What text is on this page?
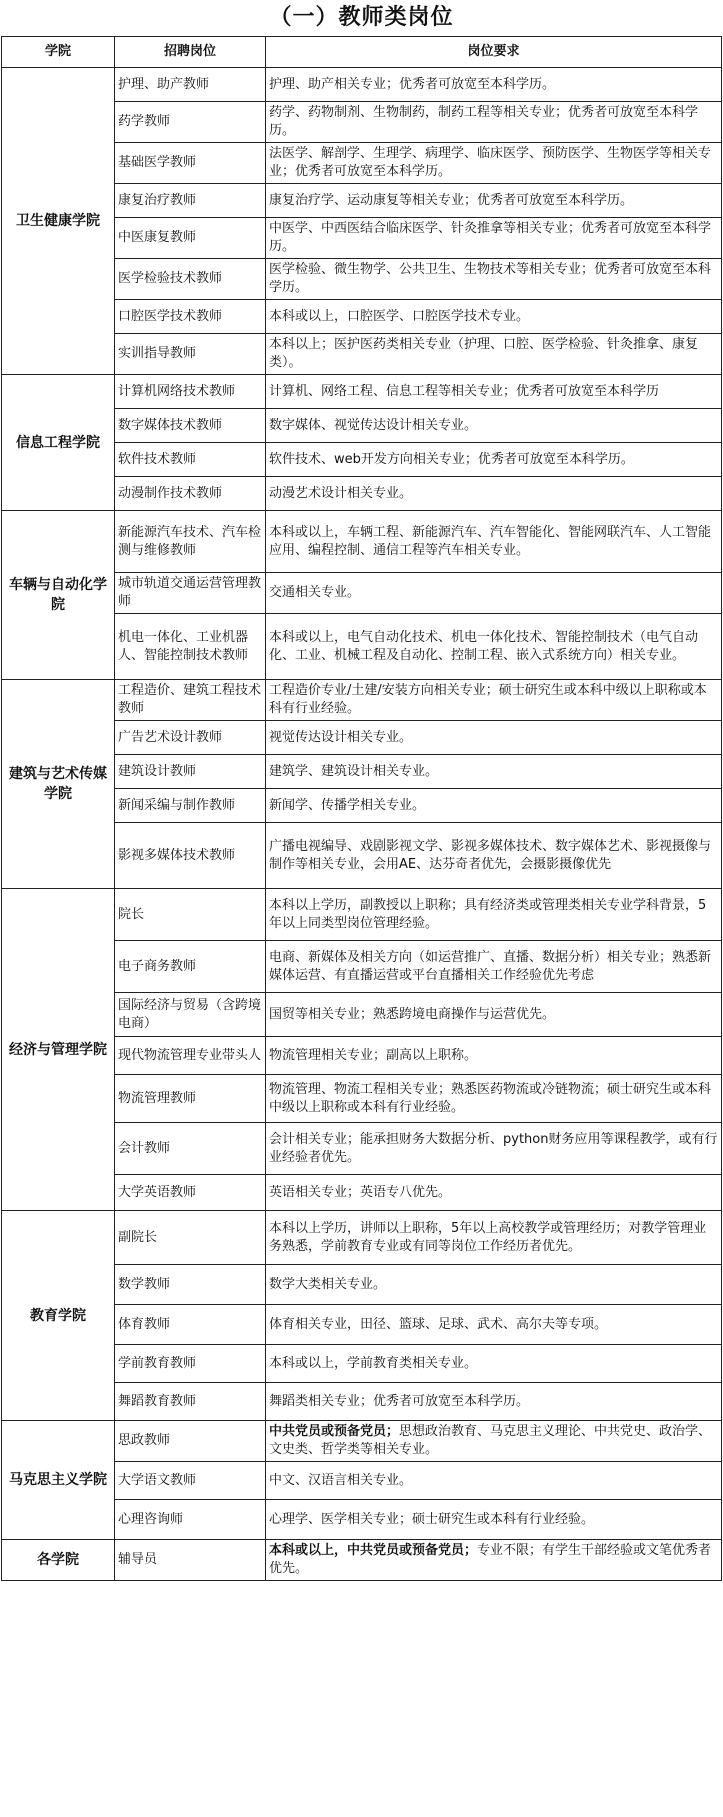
（一）教师类岗位
学院	招聘岗位	岗位要求
卫生健康学院	护理、助产教师	护理、助产相关专业；优秀者可放宽至本科学历。
	药学教师	药学、药物制剂、生物制药，制药工程等相关专业；优秀者可放宽至本科学历。
	基础医学教师	法医学、解剖学、生理学、病理学、临床医学、预防医学、生物医学等相关专业；优秀者可放宽至本科学历。
	康复治疗教师	康复治疗学、运动康复等相关专业；优秀者可放宽至本科学历。
	中医康复教师	中医学、中西医结合临床医学、针灸推拿等相关专业；优秀者可放宽至本科学历。
	医学检验技术教师	医学检验、微生物学、公共卫生、生物技术等相关专业；优秀者可放宽至本科学历。
	口腔医学技术教师	本科或以上，口腔医学、口腔医学技术专业。
	实训指导教师	本科以上；医护医药类相关专业（护理、口腔、医学检验、针灸推拿、康复类）。
信息工程学院	计算机网络技术教师	计算机、网络工程、信息工程等相关专业；优秀者可放宽至本科学历
	数字媒体技术教师	数字媒体、视觉传达设计相关专业。
	软件技术教师	软件技术、web开发方向相关专业；优秀者可放宽至本科学历。
	动漫制作技术教师	动漫艺术设计相关专业。
车辆与自动化学院	新能源汽车技术、汽车检测与维修教师	本科或以上，车辆工程、新能源汽车、汽车智能化、智能网联汽车、人工智能应用、编程控制、通信工程等汽车相关专业。
	城市轨道交通运营管理教师	交通相关专业。
	机电一体化、工业机器人、智能控制技术教师	本科或以上，电气自动化技术、机电一体化技术、智能控制技术（电气自动化、工业、机械工程及自动化、控制工程、嵌入式系统方向）相关专业。
建筑与艺术传媒学院	工程造价、建筑工程技术教师	工程造价专业/土建/安装方向相关专业；硕士研究生或本科中级以上职称或本科有行业经验。
	广告艺术设计教师	视觉传达设计相关专业。
	建筑设计教师	建筑学、建筑设计相关专业。
	新闻采编与制作教师	新闻学、传播学相关专业。
	影视多媒体技术教师	广播电视编导、戏剧影视文学、影视多媒体技术、数字媒体艺术、影视摄像与制作等相关专业，会用AE、达芬奇者优先，会摄影摄像优先
经济与管理学院	院长	本科以上学历，副教授以上职称；具有经济类或管理类相关专业学科背景，5年以上同类型岗位管理经验。
	电子商务教师	电商、新媒体及相关方向（如运营推广、直播、数据分析）相关专业；熟悉新媒体运营、有直播运营或平台直播相关工作经验优先考虑
	国际经济与贸易（含跨境电商）	国贸等相关专业；熟悉跨境电商操作与运营优先。
	现代物流管理专业带头人	物流管理相关专业；副高以上职称。
	物流管理教师	物流管理、物流工程相关专业；熟悉医药物流或冷链物流；硕士研究生或本科中级以上职称或本科有行业经验。
	会计教师	会计相关专业；能承担财务大数据分析、python财务应用等课程教学，或有行业经验者优先。
	大学英语教师	英语相关专业；英语专八优先。
教育学院	副院长	本科以上学历，讲师以上职称，5年以上高校教学或管理经历；对教学管理业务熟悉，学前教育专业或有同等岗位工作经历者优先。
	数学教师	数学大类相关专业。
	体育教师	体育相关专业，田径、篮球、足球、武术、高尔夫等专项。
	学前教育教师	本科或以上，学前教育类相关专业。
	舞蹈教育教师	舞蹈类相关专业；优秀者可放宽至本科学历。
马克思主义学院	思政教师	中共党员或预备党员；思想政治教育、马克思主义理论、中共党史、政治学、文史类、哲学类等相关专业。
	大学语文教师	中文、汉语言相关专业。
	心理咨询师	心理学、医学相关专业；硕士研究生或本科有行业经验。
各学院	辅导员	本科或以上，中共党员或预备党员；专业不限；有学生干部经验或文笔优秀者优先。
